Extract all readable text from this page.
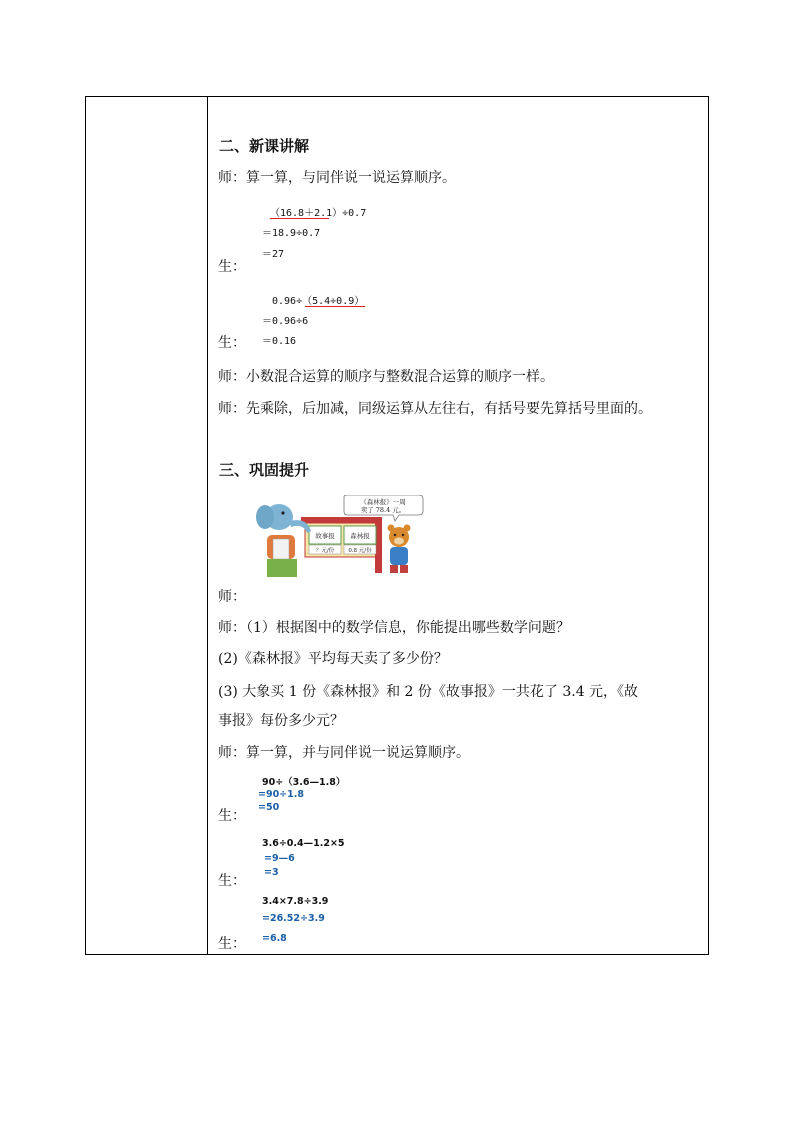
二、新课讲解
师：算一算，与同伴说一说运算顺序。
（16.8＋2.1）÷0.7
＝18.9÷0.7
＝27
生：
0.96÷（5.4÷0.9）
＝0.96÷6
＝0.16
生：
师：小数混合运算的顺序与整数混合运算的顺序一样。
师：先乘除，后加减，同级运算从左往右，有括号要先算括号里面的。
三、巩固提升
故事报 森林报
？元/份	0.8 元/份
《森林报》一周
卖了 78.4 元。
师：
师：（1）根据图中的数学信息，你能提出哪些数学问题？
(2)《森林报》平均每天卖了多少份？
(3) 大象买 1 份《森林报》和 2 份《故事报》一共花了 3.4 元，《故
事报》每份多少元？
师：算一算，并与同伴说一说运算顺序。
90÷（3.6—1.8）
=90÷1.8
=50
生：
3.6÷0.4—1.2×5
=9—6
=3
生：
3.4×7.8÷3.9
=26.52÷3.9
=6.8
生：
